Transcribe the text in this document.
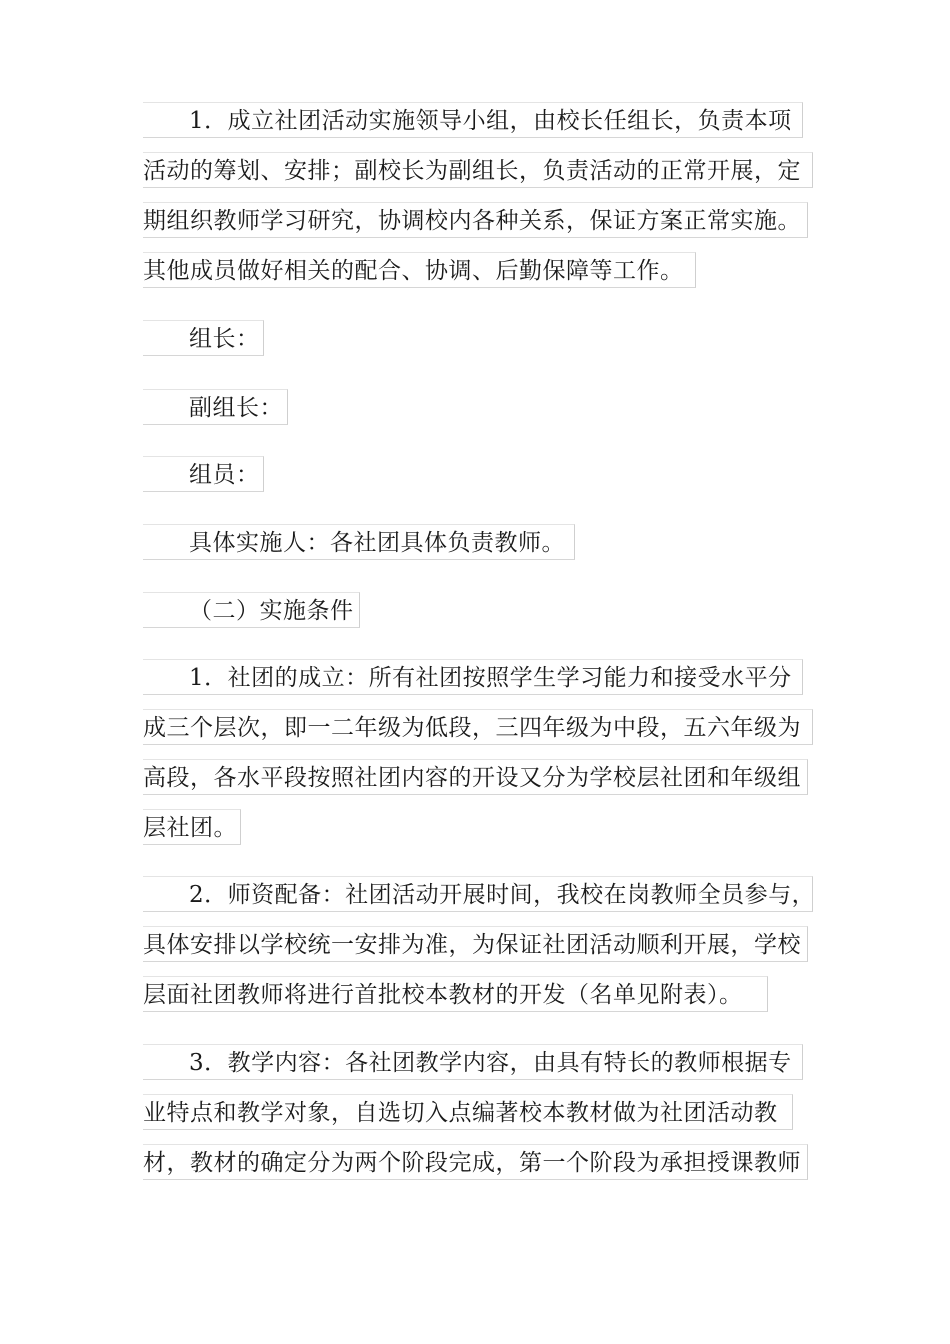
1．成立社团活动实施领导小组，由校长任组长，负责本项
活动的筹划、安排；副校长为副组长，负责活动的正常开展，定
期组织教师学习研究，协调校内各种关系，保证方案正常实施。
其他成员做好相关的配合、协调、后勤保障等工作。
组长：
副组长：
组员：
具体实施人：各社团具体负责教师。
（二）实施条件
1．社团的成立：所有社团按照学生学习能力和接受水平分
成三个层次，即一二年级为低段，三四年级为中段，五六年级为
高段，各水平段按照社团内容的开设又分为学校层社团和年级组
层社团。
2．师资配备：社团活动开展时间，我校在岗教师全员参与，
具体安排以学校统一安排为准，为保证社团活动顺利开展，学校
层面社团教师将进行首批校本教材的开发（名单见附表）。
3．教学内容：各社团教学内容，由具有特长的教师根据专
业特点和教学对象，自选切入点编著校本教材做为社团活动教
材，教材的确定分为两个阶段完成，第一个阶段为承担授课教师
